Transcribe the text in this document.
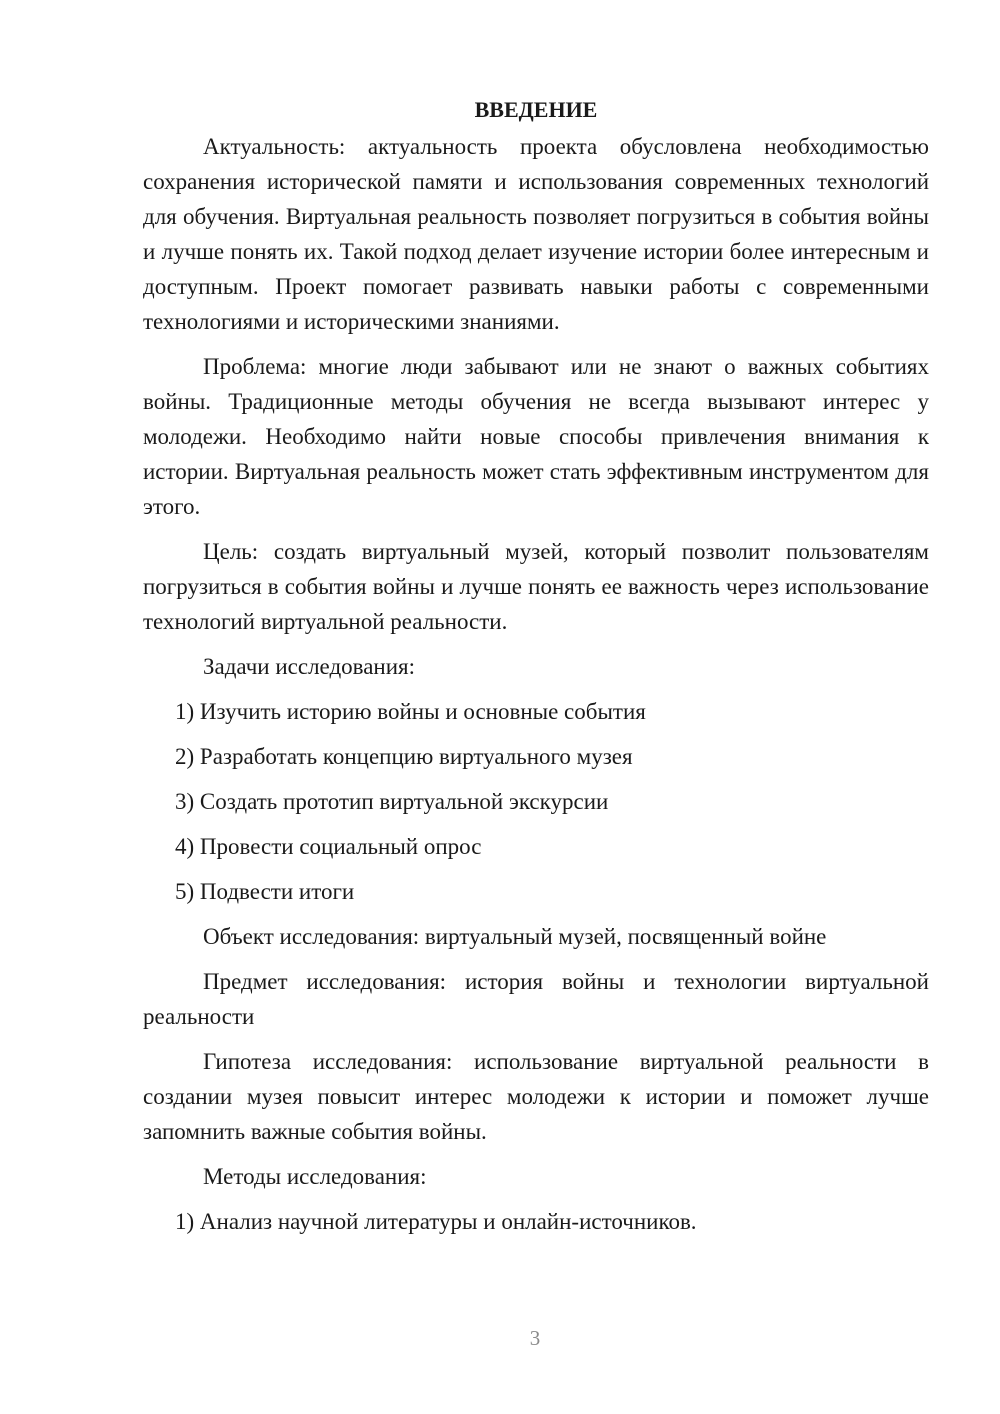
ВВЕДЕНИЕ
Актуальность: актуальность проекта обусловлена необходимостью сохранения исторической памяти и использования современных технологий для обучения. Виртуальная реальность позволяет погрузиться в события войны и лучше понять их. Такой подход делает изучение истории более интересным и доступным. Проект помогает развивать навыки работы с современными технологиями и историческими знаниями.
Проблема: многие люди забывают или не знают о важных событиях войны. Традиционные методы обучения не всегда вызывают интерес у молодежи. Необходимо найти новые способы привлечения внимания к истории. Виртуальная реальность может стать эффективным инструментом для этого.
Цель: создать виртуальный музей, который позволит пользователям погрузиться в события войны и лучше понять ее важность через использование технологий виртуальной реальности.
Задачи исследования:
1) Изучить историю войны и основные события
2) Разработать концепцию виртуального музея
3) Создать прототип виртуальной экскурсии
4) Провести социальный опрос
5) Подвести итоги
Объект исследования: виртуальный музей, посвященный войне
Предмет исследования: история войны и технологии виртуальной реальности
Гипотеза исследования: использование виртуальной реальности в создании музея повысит интерес молодежи к истории и поможет лучше запомнить важные события войны.
Методы исследования:
1) Анализ научной литературы и онлайн-источников.
3
